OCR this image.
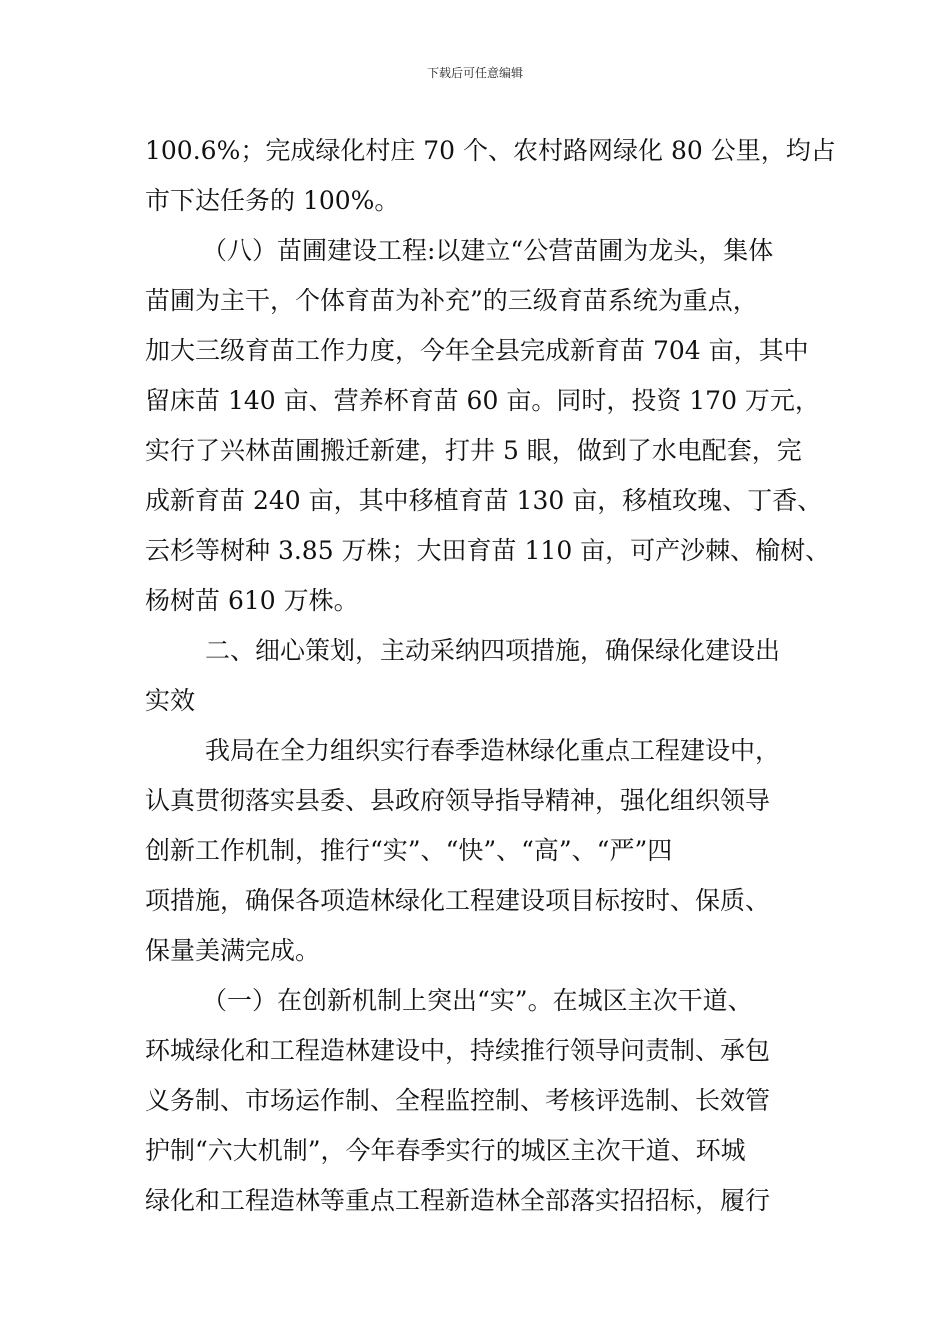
下载后可任意编辑
100.6%；完成绿化村庄 70 个、农村路网绿化 80 公里，均占
市下达任务的 100%。
（八）苗圃建设工程:以建立“公营苗圃为龙头，集体
苗圃为主干，个体育苗为补充”的三级育苗系统为重点，
加大三级育苗工作力度，今年全县完成新育苗 704 亩，其中
留床苗 140 亩、营养杯育苗 60 亩。同时，投资 170 万元，
实行了兴林苗圃搬迁新建，打井 5 眼，做到了水电配套，完
成新育苗 240 亩，其中移植育苗 130 亩，移植玫瑰、丁香、
云杉等树种 3.85 万株；大田育苗 110 亩，可产沙棘、榆树、
杨树苗 610 万株。
二、细心策划，主动采纳四项措施，确保绿化建设出
实效
我局在全力组织实行春季造林绿化重点工程建设中，
认真贯彻落实县委、县政府领导指导精神，强化组织领导
创新工作机制，推行“实”、“快”、“高”、“严”四
项措施，确保各项造林绿化工程建设项目标按时、保质、
保量美满完成。
（一）在创新机制上突出“实”。在城区主次干道、
环城绿化和工程造林建设中，持续推行领导问责制、承包
义务制、市场运作制、全程监控制、考核评选制、长效管
护制“六大机制”，今年春季实行的城区主次干道、环城
绿化和工程造林等重点工程新造林全部落实招招标，履行
